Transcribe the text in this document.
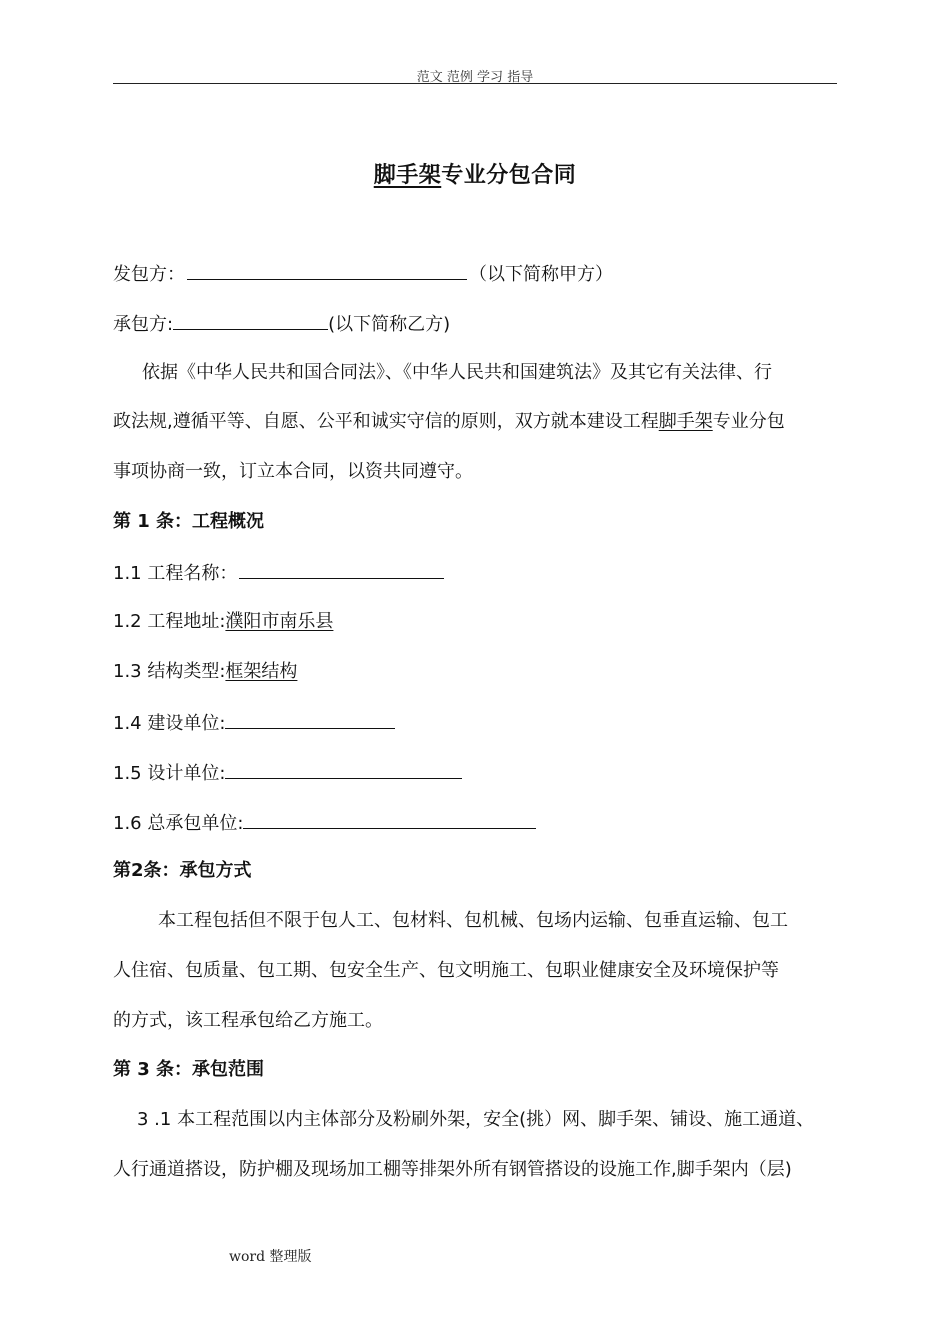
范文 范例 学习 指导
脚手架专业分包合同
发包方：	（以下简称甲方）
承包方:	(以下简称乙方)
依据《中华人民共和国合同法》、《中华人民共和国建筑法》及其它有关法律、行
政法规,遵循平等、自愿、公平和诚实守信的原则，双方就本建设工程脚手架专业分包
事项协商一致，订立本合同，以资共同遵守。
第 1 条：工程概况
1.1 工程名称：
1.2 工程地址:濮阳市南乐县
1.3 结构类型:框架结构
1.4 建设单位:
1.5 设计单位:
1.6 总承包单位:
第2条：承包方式
本工程包括但不限于包人工、包材料、包机械、包场内运输、包垂直运输、包工
人住宿、包质量、包工期、包安全生产、包文明施工、包职业健康安全及环境保护等
的方式，该工程承包给乙方施工。
第 3 条：承包范围
3 .1 本工程范围以内主体部分及粉刷外架，安全(挑）网、脚手架、铺设、施工通道、
人行通道搭设，防护棚及现场加工棚等排架外所有钢管搭设的设施工作,脚手架内（层)
word 整理版
